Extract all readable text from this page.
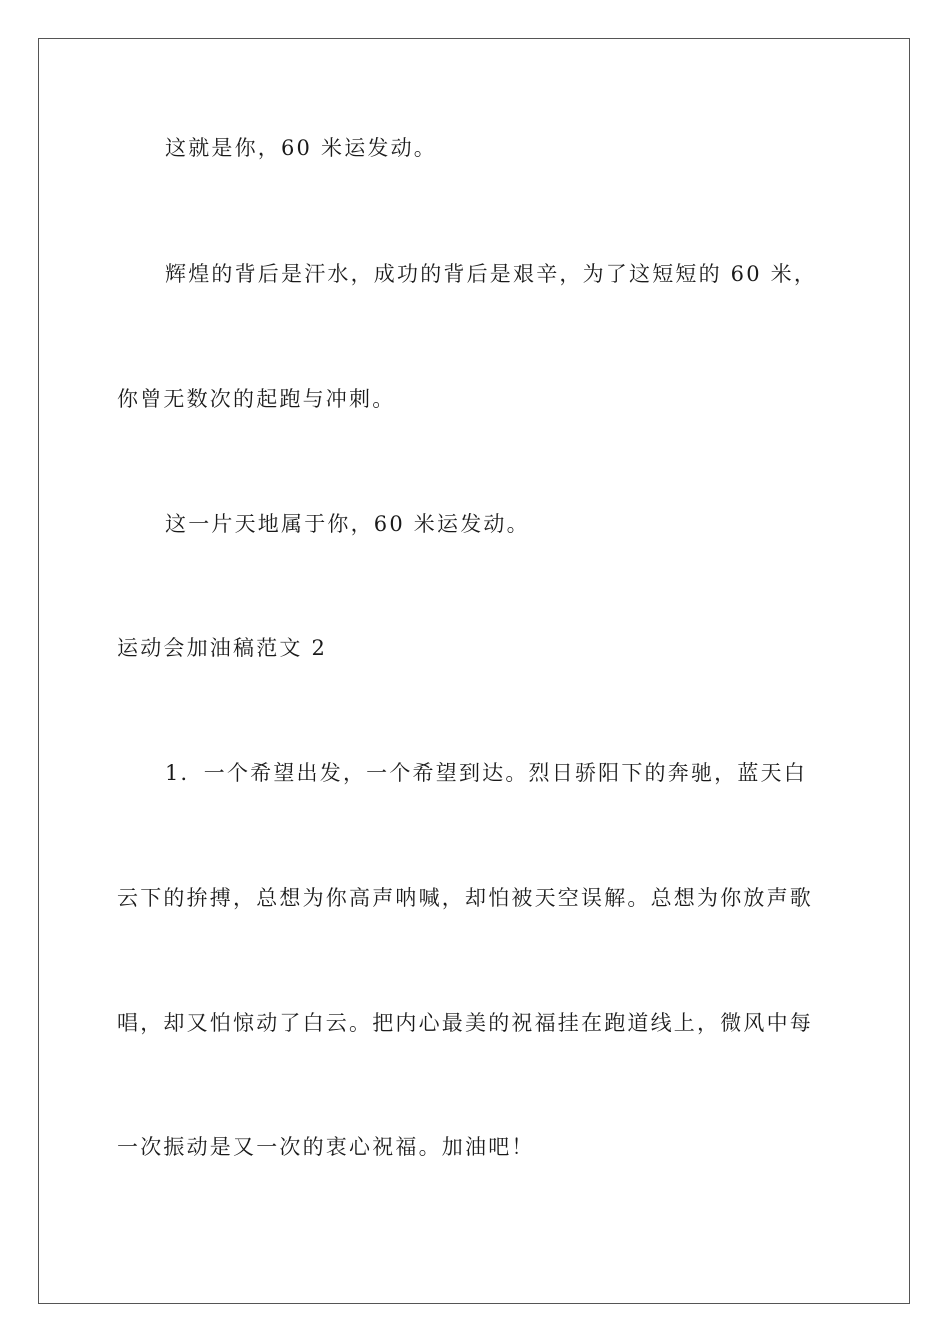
这就是你，60 米运发动。
辉煌的背后是汗水，成功的背后是艰辛，为了这短短的 60 米，
你曾无数次的起跑与冲刺。
这一片天地属于你，60 米运发动。
运动会加油稿范文 2
1．一个希望出发，一个希望到达。烈日骄阳下的奔驰，蓝天白
云下的拚搏，总想为你高声呐喊，却怕被天空误解。总想为你放声歌
唱，却又怕惊动了白云。把内心最美的祝福挂在跑道线上，微风中每
一次振动是又一次的衷心祝福。加油吧！
